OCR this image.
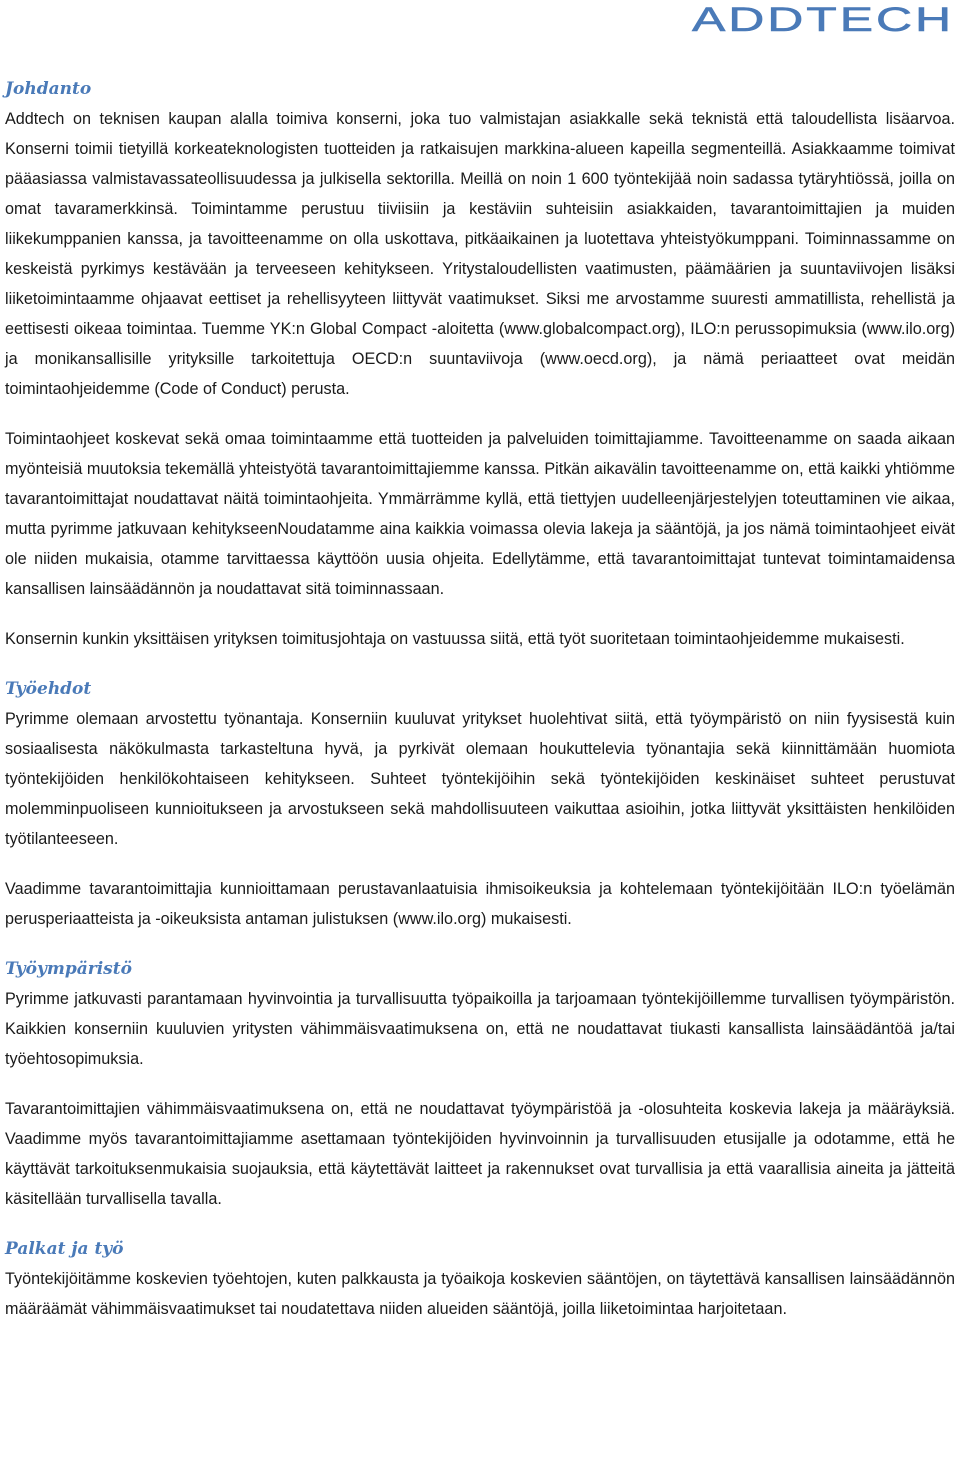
ADDTECH
Johdanto

Addtech on teknisen kaupan alalla toimiva konserni, joka tuo valmistajan asiakkalle sekä teknistä että taloudellista lisäarvoa. Konserni toimii tietyillä korkeateknologisten tuotteiden ja ratkaisujen markkina-alueen kapeilla segmenteillä. Asiakkaamme toimivat pääasiassa valmistavassateollisuudessa ja julkisella sektorilla. Meillä on noin 1 600 työntekijää noin sadassa tytäryhtiössä, joilla on omat tavaramerkkinsä. Toimintamme perustuu tiiviisiin ja kestäviin suhteisiin asiakkaiden, tavarantoimittajien ja muiden liikekumppanien kanssa, ja tavoitteenamme on olla uskottava, pitkäaikainen ja luotettava yhteistyökumppani. Toiminnassamme on keskeistä pyrkimys kestävään ja terveeseen kehitykseen. Yritystaloudellisten vaatimusten, päämäärien ja suuntaviivojen lisäksi liiketoimintaamme ohjaavat eettiset ja rehellisyyteen liittyvät vaatimukset. Siksi me arvostamme suuresti ammatillista, rehellistä ja eettisesti oikeaa toimintaa. Tuemme YK:n Global Compact -aloitetta (www.globalcompact.org), ILO:n perussopimuksia (www.ilo.org) ja monikansallisille yrityksille tarkoitettuja OECD:n suuntaviivoja (www.oecd.org), ja nämä periaatteet ovat meidän toimintaohjeidemme (Code of Conduct) perusta.

Toimintaohjeet koskevat sekä omaa toimintaamme että tuotteiden ja palveluiden toimittajiamme. Tavoitteenamme on saada aikaan myönteisiä muutoksia tekemällä yhteistyötä tavarantoimittajiemme kanssa. Pitkän aikavälin tavoitteenamme on, että kaikki yhtiömme tavarantoimittajat noudattavat näitä toimintaohjeita. Ymmärrämme kyllä, että tiettyjen uudelleenjärjestelyjen toteuttaminen vie aikaa, mutta pyrimme jatkuvaan kehitykseenNoudatamme aina kaikkia voimassa olevia lakeja ja sääntöjä, ja jos nämä toimintaohjeet eivät ole niiden mukaisia, otamme tarvittaessa käyttöön uusia ohjeita. Edellytämme, että tavarantoimittajat tuntevat toimintamaidensa kansallisen lainsäädännön ja noudattavat sitä toiminnassaan.

Konsernin kunkin yksittäisen yrityksen toimitusjohtaja on vastuussa siitä, että työt suoritetaan toimintaohjeidemme mukaisesti.

Työehdot

Pyrimme olemaan arvostettu työnantaja. Konserniin kuuluvat yritykset huolehtivat siitä, että työympäristö on niin fyysisestä kuin sosiaalisesta näkökulmasta tarkasteltuna hyvä, ja pyrkivät olemaan houkuttelevia työnantajia sekä kiinnittämään huomiota työntekijöiden henkilökohtaiseen kehitykseen. Suhteet työntekijöihin sekä työntekijöiden keskinäiset suhteet perustuvat molemminpuoliseen kunnioitukseen ja arvostukseen sekä mahdollisuuteen vaikuttaa asioihin, jotka liittyvät yksittäisten henkilöiden työtilanteeseen.

Vaadimme tavarantoimittajia kunnioittamaan perustavanlaatuisia ihmisoikeuksia ja kohtelemaan työntekijöitään ILO:n työelämän perusperiaatteista ja -oikeuksista antaman julistuksen (www.ilo.org) mukaisesti.

Työympäristö

Pyrimme jatkuvasti parantamaan hyvinvointia ja turvallisuutta työpaikoilla ja tarjoamaan työntekijöillemme turvallisen työympäristön. Kaikkien konserniin kuuluvien yritysten vähimmäisvaatimuksena on, että ne noudattavat tiukasti kansallista lainsäädäntöä ja/tai työehtosopimuksia.

Tavarantoimittajien vähimmäisvaatimuksena on, että ne noudattavat työympäristöä ja -olosuhteita koskevia lakeja ja määräyksiä. Vaadimme myös tavarantoimittajiamme asettamaan työntekijöiden hyvinvoinnin ja turvallisuuden etusijalle ja odotamme, että he käyttävät tarkoituksenmukaisia suojauksia, että käytettävät laitteet ja rakennukset ovat turvallisia ja että vaarallisia aineita ja jätteitä käsitellään turvallisella tavalla.

Palkat ja työ

Työntekijöitämme koskevien työehtojen, kuten palkkausta ja työaikoja koskevien sääntöjen, on täytettävä kansallisen lainsäädännön määräämät vähimmäisvaatimukset tai noudatettava niiden alueiden sääntöjä, joilla liiketoimintaa harjoitetaan.
